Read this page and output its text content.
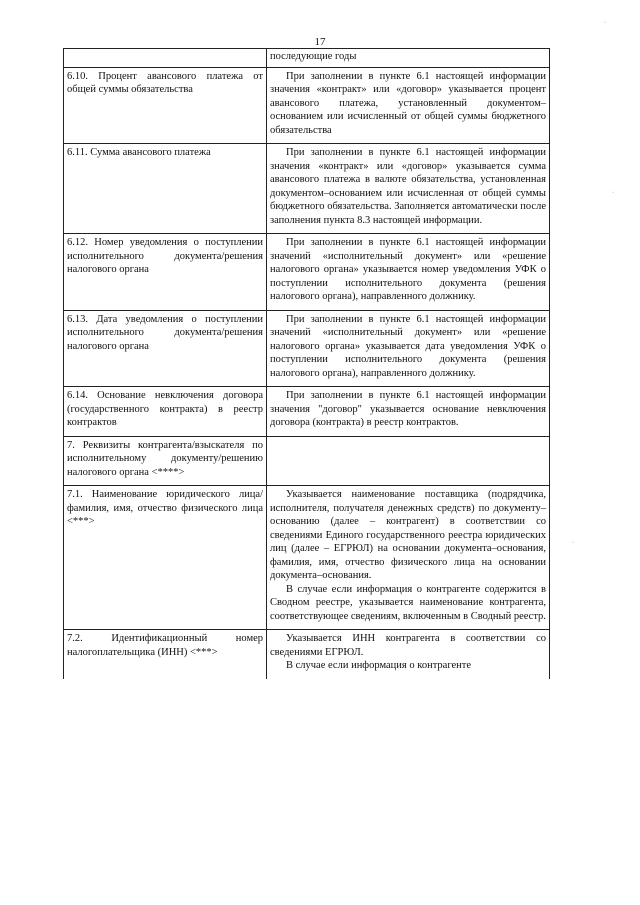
17
	последующие годы
6.10. Процент авансового платежа от общей суммы обязательства	При заполнении в пункте 6.1 настоящей информации значения «контракт» или «договор» указывается процент авансового платежа, установленный документом–основанием или исчисленный от общей суммы бюджетного обязательства

6.11. Сумма авансового платежа	При заполнении в пункте 6.1 настоящей информации значения «контракт» или «договор» указывается сумма авансового платежа в валюте обязательства, установленная документом–основанием или исчисленная от общей суммы бюджетного обязательства. Заполняется автоматически после заполнения пункта 8.3 настоящей информации.

6.12. Номер уведомления о поступлении исполнительного документа/решения налогового органа	При заполнении в пункте 6.1 настоящей информации значений «исполнительный документ» или «решение налогового органа» указывается номер уведомления УФК о поступлении исполнительного документа (решения налогового органа), направленного должнику.

6.13. Дата уведомления о поступлении исполнительного документа/решения налогового органа	При заполнении в пункте 6.1 настоящей информации значений «исполнительный документ» или «решение налогового органа» указывается дата уведомления УФК о поступлении исполнительного документа (решения налогового органа), направленного должнику.

6.14. Основание невключения договора (государственного контракта) в реестр контрактов	При заполнении в пункте 6.1 настоящей информации значения "договор" указывается основание невключения договора (контракта) в реестр контрактов.

7. Реквизиты контрагента/взыскателя по исполнительному документу/решению налогового органа <****>	
7.1. Наименование юридического лица/фамилия, имя, отчество физического лица <***>	Указывается наименование поставщика (подрядчика, исполнителя, получателя денежных средств) по документу–основанию (далее – контрагент) в соответствии со сведениями Единого государственного реестра юридических лиц (далее – ЕГРЮЛ) на основании документа–основания, фамилия, имя, отчество физического лица на основании документа–основания.

В случае если информация о контрагенте содержится в Сводном реестре, указывается наименование контрагента, соответствующее сведениям, включенным в Сводный реестр.

7.2. Идентификационный номер налогоплательщика (ИНН) <***>	Указывается ИНН контрагента в соответствии со сведениями ЕГРЮЛ.

В случае если информация о контрагенте

·
·
·
